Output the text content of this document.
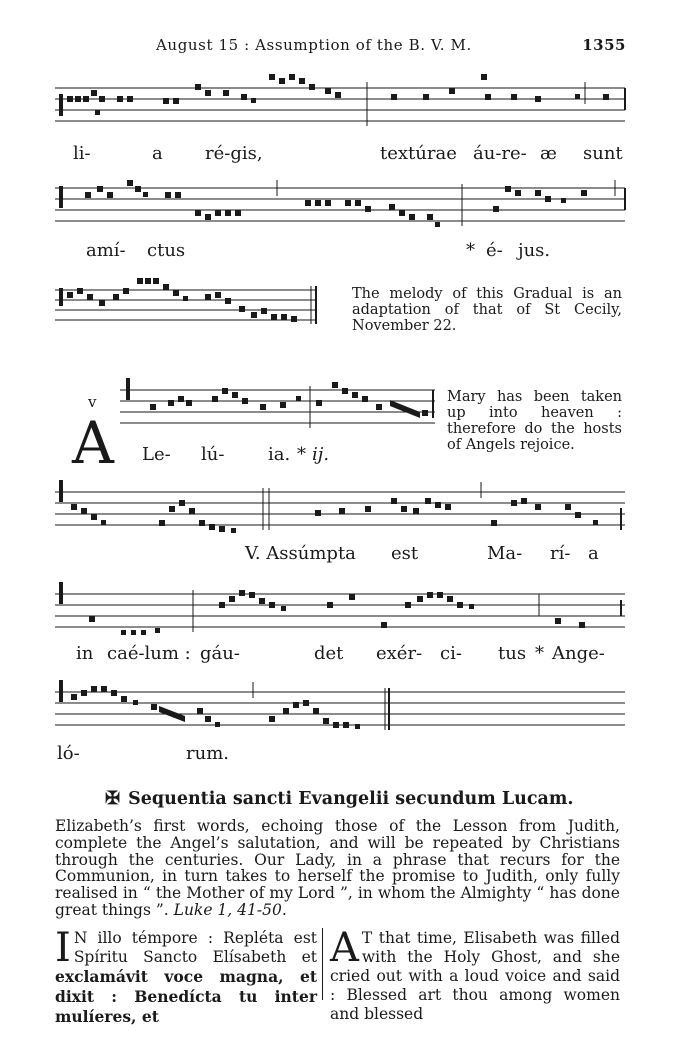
August 15 : Assumption of the B. V. M.	1355
li-	a ré-gis,	textúrae áu-re- æ sunt
amí- ctus	* é- jus.
The melody of this Gradual is an adaptation of that of St Cecily, November 22.
v
A Le- lú- ia. * ij.
Mary has been taken up into heaven : therefore do the hosts of Angels rejoice.
V. Assúmpta est	Ma- rí- a
in caé-lum : gáu-	det exér- ci- tus * Ange-
ló-	rum.
✠ Sequentia sancti Evangelii secundum Lucam.
Elizabeth’s first words, echoing those of the Lesson from Judith, complete the Angel’s salutation, and will be repeated by Christians through the centuries. Our Lady, in a phrase that recurs for the Communion, in turn takes to herself the promise to Judith, only fully realised in “ the Mother of my Lord ”, in whom the Almighty “ has done great things ”. Luke 1, 41-50.
I N illo témpore : Repléta est Spíritu Sancto Elísabeth et exclamávit voce magna, et dixit : Benedícta tu inter mulíeres, et
A T that time, Elisabeth was filled with the Holy Ghost, and she cried out with a loud voice and said : Blessed art thou among women and blessed
